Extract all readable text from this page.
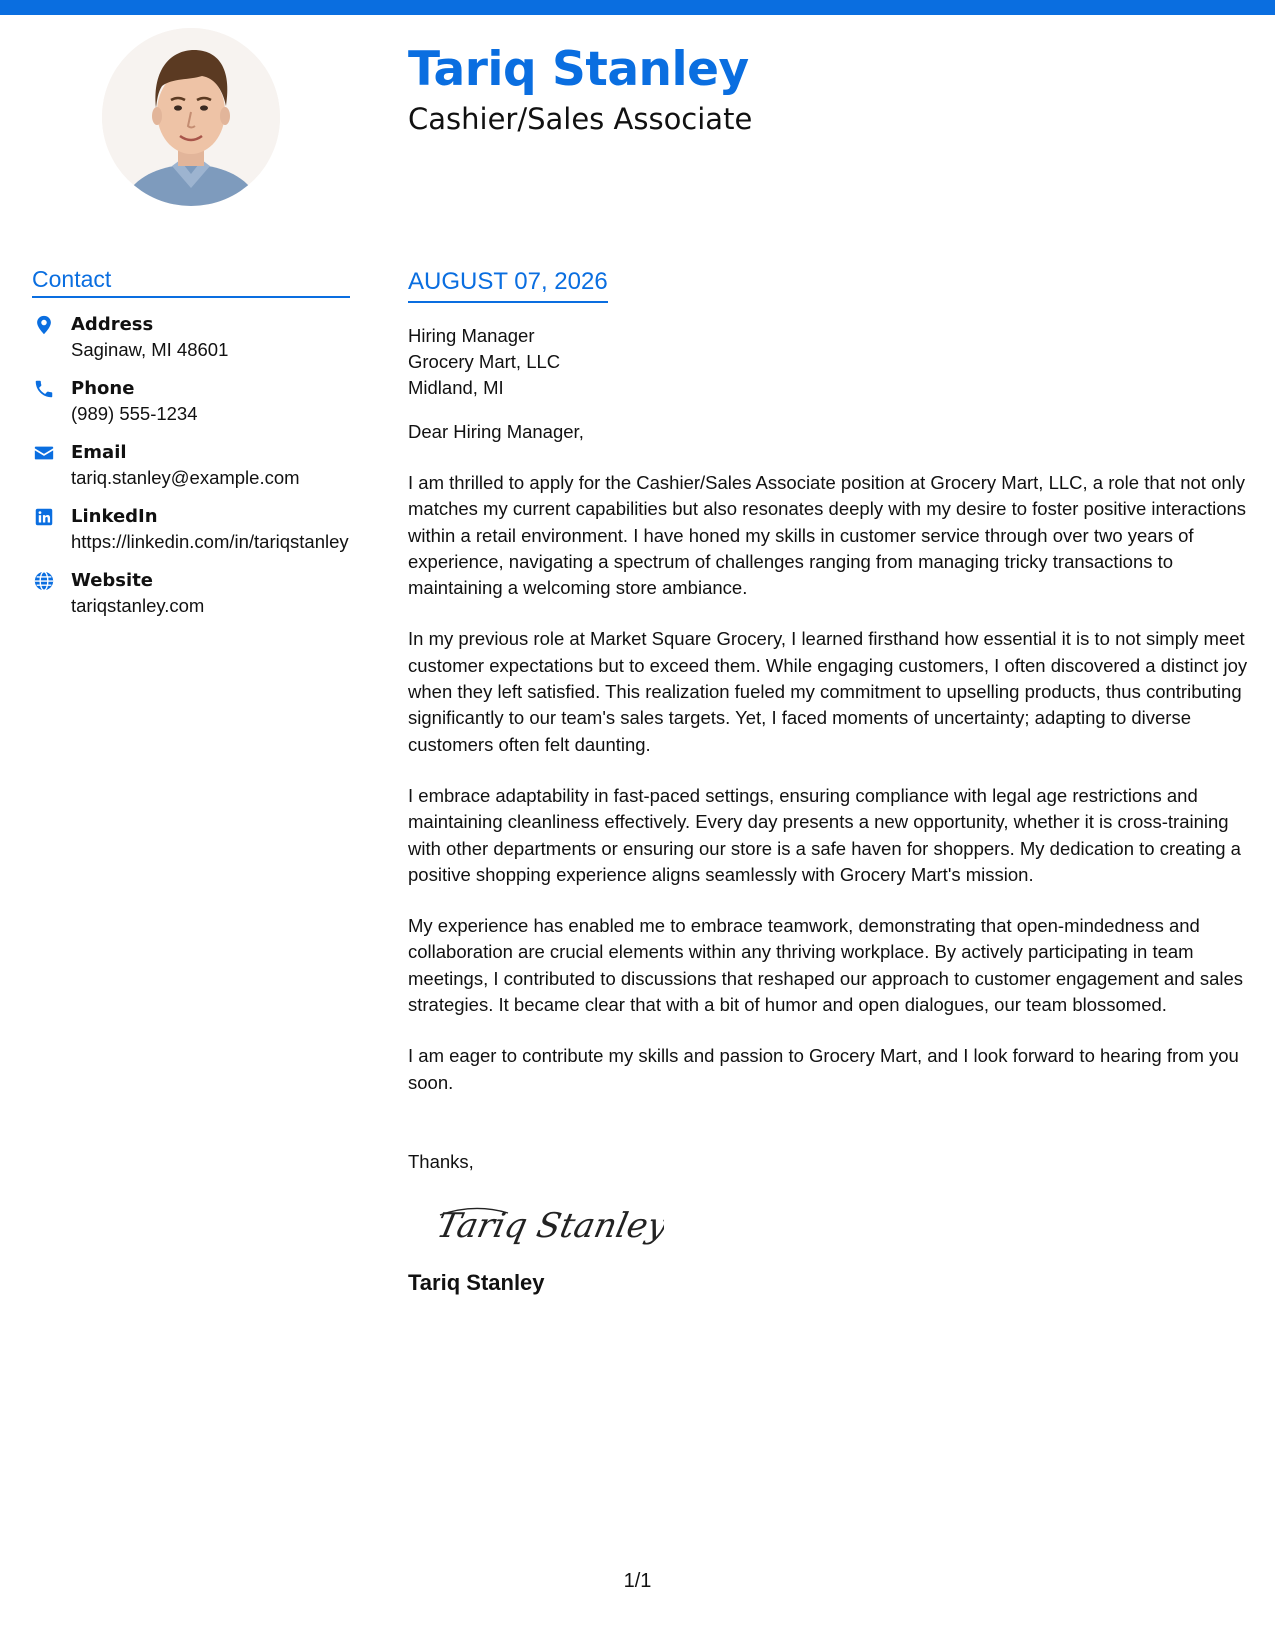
Tariq Stanley
Cashier/Sales Associate
Contact
Address
Saginaw, MI 48601
Phone
(989) 555-1234
Email
tariq.stanley@example.com
LinkedIn
https://linkedin.com/in/tariqstanley
Website
tariqstanley.com
AUGUST 07, 2026
Hiring Manager
Grocery Mart, LLC
Midland, MI
Dear Hiring Manager,

I am thrilled to apply for the Cashier/Sales Associate position at Grocery Mart, LLC, a role that not only matches my current capabilities but also resonates deeply with my desire to foster positive interactions within a retail environment. I have honed my skills in customer service through over two years of experience, navigating a spectrum of challenges ranging from managing tricky transactions to maintaining a welcoming store ambiance.

In my previous role at Market Square Grocery, I learned firsthand how essential it is to not simply meet customer expectations but to exceed them. While engaging customers, I often discovered a distinct joy when they left satisfied. This realization fueled my commitment to upselling products, thus contributing significantly to our team's sales targets. Yet, I faced moments of uncertainty; adapting to diverse customers often felt daunting.

I embrace adaptability in fast-paced settings, ensuring compliance with legal age restrictions and maintaining cleanliness effectively. Every day presents a new opportunity, whether it is cross-training with other departments or ensuring our store is a safe haven for shoppers. My dedication to creating a positive shopping experience aligns seamlessly with Grocery Mart's mission.

My experience has enabled me to embrace teamwork, demonstrating that open-mindedness and collaboration are crucial elements within any thriving workplace. By actively participating in team meetings, I contributed to discussions that reshaped our approach to customer engagement and sales strategies. It became clear that with a bit of humor and open dialogues, our team blossomed.

I am eager to contribute my skills and passion to Grocery Mart, and I look forward to hearing from you soon.

Thanks,
Tariq Stanley
Tariq Stanley
1/1
